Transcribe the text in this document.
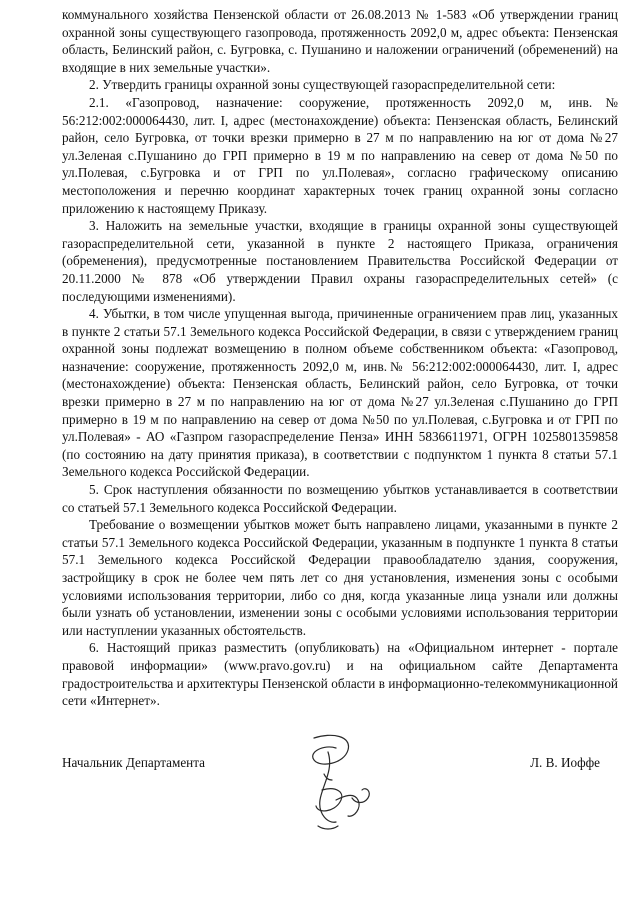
коммунального хозяйства Пензенской области от 26.08.2013 № 1-583 «Об утверждении границ охранной зоны существующего газопровода, протяженность 2092,0 м, адрес объекта: Пензенская область, Белинский район, с. Бугровка, с. Пушанино и наложении ограничений (обременений) на входящие в них земельные участки».

2. Утвердить границы охранной зоны существующей газораспределительной сети:

2.1. «Газопровод, назначение: сооружение, протяженность 2092,0 м, инв.№ 56:212:002:000064430, лит. I, адрес (местонахождение) объекта: Пензенская область, Белинский район, село Бугровка, от точки врезки примерно в 27 м по направлению на юг от дома №27 ул.Зеленая с.Пушанино до ГРП примерно в 19 м по направлению на север от дома №50 по ул.Полевая, с.Бугровка и от ГРП по ул.Полевая», согласно графическому описанию местоположения и перечню координат характерных точек границ охранной зоны согласно приложению к настоящему Приказу.

3. Наложить на земельные участки, входящие в границы охранной зоны существующей газораспределительной сети, указанной в пункте 2 настоящего Приказа, ограничения (обременения), предусмотренные постановлением Правительства Российской Федерации от 20.11.2000 № 878 «Об утверждении Правил охраны газораспределительных сетей» (с последующими изменениями).

4. Убытки, в том числе упущенная выгода, причиненные ограничением прав лиц, указанных в пункте 2 статьи 57.1 Земельного кодекса Российской Федерации, в связи с утверждением границ охранной зоны подлежат возмещению в полном объеме собственником объекта: «Газопровод, назначение: сооружение, протяженность 2092,0 м, инв.№ 56:212:002:000064430, лит. I, адрес (местонахождение) объекта: Пензенская область, Белинский район, село Бугровка, от точки врезки примерно в 27 м по направлению на юг от дома №27 ул.Зеленая с.Пушанино до ГРП примерно в 19 м по направлению на север от дома №50 по ул.Полевая, с.Бугровка и от ГРП по ул.Полевая» - АО «Газпром газораспределение Пенза» ИНН 5836611971, ОГРН 1025801359858 (по состоянию на дату принятия приказа), в соответствии с подпунктом 1 пункта 8 статьи 57.1 Земельного кодекса Российской Федерации.

5. Срок наступления обязанности по возмещению убытков устанавливается в соответствии со статьей 57.1 Земельного кодекса Российской Федерации.

Требование о возмещении убытков может быть направлено лицами, указанными в пункте 2 статьи 57.1 Земельного кодекса Российской Федерации, указанным в подпункте 1 пункта 8 статьи 57.1 Земельного кодекса Российской Федерации правообладателю здания, сооружения, застройщику в срок не более чем пять лет со дня установления, изменения зоны с особыми условиями использования территории, либо со дня, когда указанные лица узнали или должны были узнать об установлении, изменении зоны с особыми условиями использования территории или наступлении указанных обстоятельств.

6. Настоящий приказ разместить (опубликовать) на «Официальном интернет - портале правовой информации» (www.pravo.gov.ru) и на официальном сайте Департамента градостроительства и архитектуры Пензенской области в информационно-телекоммуникационной сети «Интернет».

Начальник Департамента	Л. В. Иоффе
